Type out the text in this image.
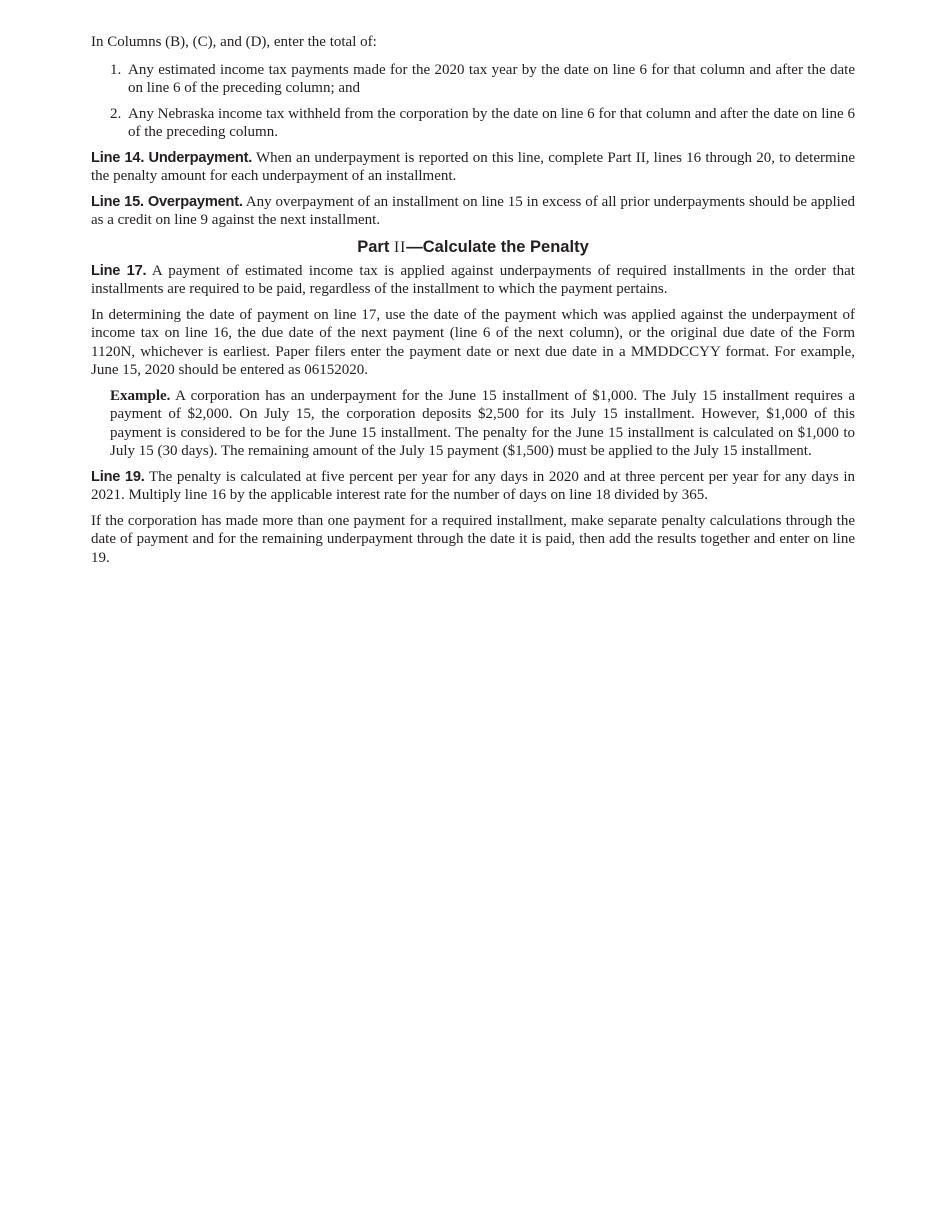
In Columns (B), (C), and (D), enter the total of:

1. Any estimated income tax payments made for the 2020 tax year by the date on line 6 for that column and after the date on line 6 of the preceding column; and
2. Any Nebraska income tax withheld from the corporation by the date on line 6 for that column and after the date on line 6 of the preceding column.

Line 14. Underpayment. When an underpayment is reported on this line, complete Part II, lines 16 through 20, to determine the penalty amount for each underpayment of an installment.

Line 15. Overpayment. Any overpayment of an installment on line 15 in excess of all prior underpayments should be applied as a credit on line 9 against the next installment.

Part II—Calculate the Penalty

Line 17. A payment of estimated income tax is applied against underpayments of required installments in the order that installments are required to be paid, regardless of the installment to which the payment pertains.

In determining the date of payment on line 17, use the date of the payment which was applied against the underpayment of income tax on line 16, the due date of the next payment (line 6 of the next column), or the original due date of the Form 1120N, whichever is earliest. Paper filers enter the payment date or next due date in a MMDDCCYY format. For example, June 15, 2020 should be entered as 06152020.

Example. A corporation has an underpayment for the June 15 installment of $1,000. The July 15 installment requires a payment of $2,000. On July 15, the corporation deposits $2,500 for its July 15 installment. However, $1,000 of this payment is considered to be for the June 15 installment. The penalty for the June 15 installment is calculated on $1,000 to July 15 (30 days). The remaining amount of the July 15 payment ($1,500) must be applied to the July 15 installment.

Line 19. The penalty is calculated at five percent per year for any days in 2020 and at three percent per year for any days in 2021. Multiply line 16 by the applicable interest rate for the number of days on line 18 divided by 365.

If the corporation has made more than one payment for a required installment, make separate penalty calculations through the date of payment and for the remaining underpayment through the date it is paid, then add the results together and enter on line 19.
